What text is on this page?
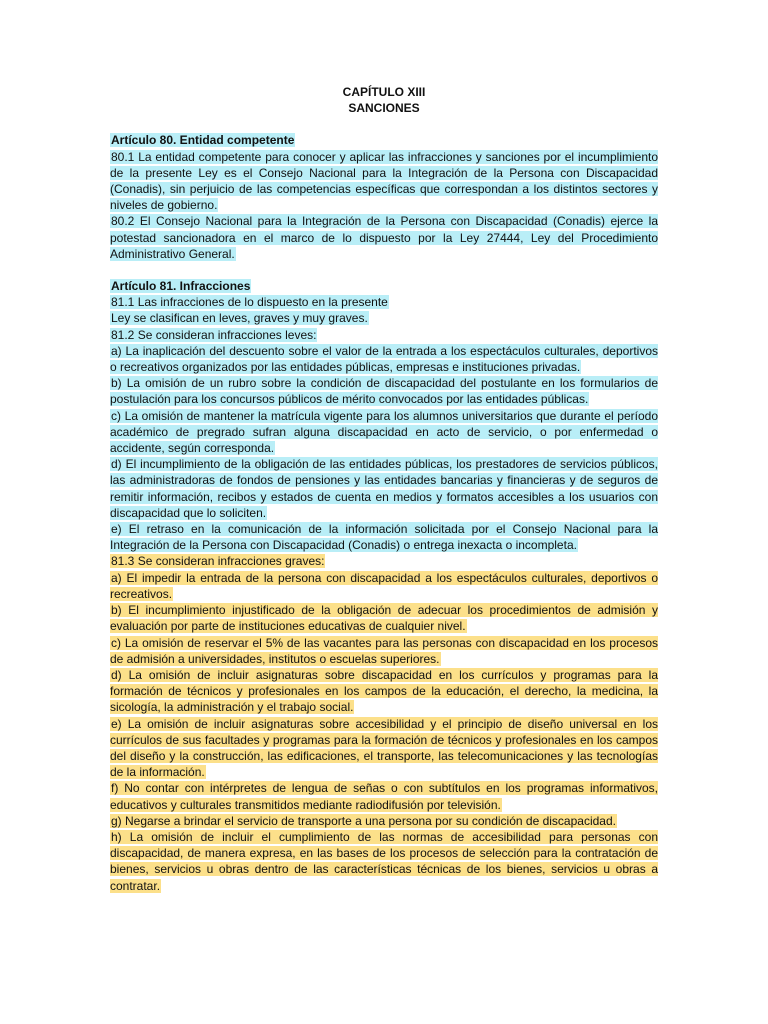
CAPÍTULO XIII
SANCIONES

Artículo 80. Entidad competente

80.1 La entidad competente para conocer y aplicar las infracciones y sanciones por el incumplimiento de la presente Ley es el Consejo Nacional para la Integración de la Persona con Discapacidad (Conadis), sin perjuicio de las competencias específicas que correspondan a los distintos sectores y niveles de gobierno.

80.2 El Consejo Nacional para la Integración de la Persona con Discapacidad (Conadis) ejerce la potestad sancionadora en el marco de lo dispuesto por la Ley 27444, Ley del Procedimiento Administrativo General.

Artículo 81. Infracciones

81.1 Las infracciones de lo dispuesto en la presente

Ley se clasifican en leves, graves y muy graves.

81.2 Se consideran infracciones leves:

a) La inaplicación del descuento sobre el valor de la entrada a los espectáculos culturales, deportivos o recreativos organizados por las entidades públicas, empresas e instituciones privadas.

b) La omisión de un rubro sobre la condición de discapacidad del postulante en los formularios de postulación para los concursos públicos de mérito convocados por las entidades públicas.

c) La omisión de mantener la matrícula vigente para los alumnos universitarios que durante el período académico de pregrado sufran alguna discapacidad en acto de servicio, o por enfermedad o accidente, según corresponda.

d) El incumplimiento de la obligación de las entidades públicas, los prestadores de servicios públicos, las administradoras de fondos de pensiones y las entidades bancarias y financieras y de seguros de remitir información, recibos y estados de cuenta en medios y formatos accesibles a los usuarios con discapacidad que lo soliciten.

e) El retraso en la comunicación de la información solicitada por el Consejo Nacional para la Integración de la Persona con Discapacidad (Conadis) o entrega inexacta o incompleta.

81.3 Se consideran infracciones graves:

a) El impedir la entrada de la persona con discapacidad a los espectáculos culturales, deportivos o recreativos.

b) El incumplimiento injustificado de la obligación de adecuar los procedimientos de admisión y evaluación por parte de instituciones educativas de cualquier nivel.

c) La omisión de reservar el 5% de las vacantes para las personas con discapacidad en los procesos de admisión a universidades, institutos o escuelas superiores.

d) La omisión de incluir asignaturas sobre discapacidad en los currículos y programas para la formación de técnicos y profesionales en los campos de la educación, el derecho, la medicina, la sicología, la administración y el trabajo social.

e) La omisión de incluir asignaturas sobre accesibilidad y el principio de diseño universal en los currículos de sus facultades y programas para la formación de técnicos y profesionales en los campos del diseño y la construcción, las edificaciones, el transporte, las telecomunicaciones y las tecnologías de la información.

f) No contar con intérpretes de lengua de señas o con subtítulos en los programas informativos, educativos y culturales transmitidos mediante radiodifusión por televisión.

g) Negarse a brindar el servicio de transporte a una persona por su condición de discapacidad.

h) La omisión de incluir el cumplimiento de las normas de accesibilidad para personas con discapacidad, de manera expresa, en las bases de los procesos de selección para la contratación de bienes, servicios u obras dentro de las características técnicas de los bienes, servicios u obras a contratar.
